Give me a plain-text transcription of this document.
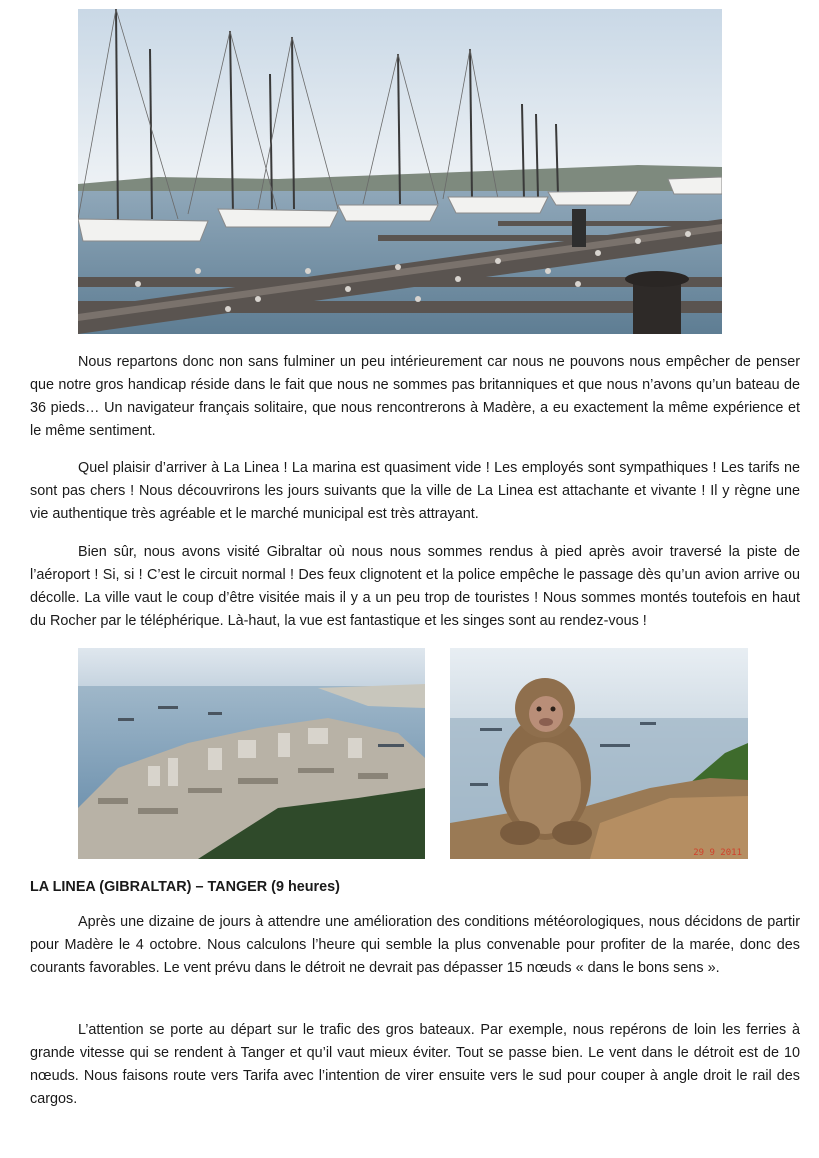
Nous repartons donc non sans fulminer un peu intérieurement car nous ne pouvons nous empêcher de penser que notre gros handicap réside dans le fait que nous ne sommes pas britanniques et que nous n’avons qu’un bateau de 36 pieds… Un navigateur français solitaire, que nous rencontrerons à Madère, a eu exactement la même expérience et le même sentiment.

Quel plaisir d’arriver à La Linea ! La marina est quasiment vide ! Les employés sont sympathiques ! Les tarifs ne sont pas chers ! Nous découvrirons les jours suivants que la ville de La Linea est attachante et vivante ! Il y règne une vie authentique très agréable et le marché municipal est très attrayant.

Bien sûr, nous avons visité Gibraltar où nous nous sommes rendus à pied après avoir traversé la piste de l’aéroport ! Si, si ! C’est le circuit normal ! Des feux clignotent et la police empêche le passage dès qu’un avion arrive ou décolle. La ville vaut le coup d’être visitée mais il y a un peu trop de touristes ! Nous sommes montés toutefois en haut du Rocher par le téléphérique. Là-haut, la vue est fantastique et les singes sont au rendez-vous !

29 9 2011

LA LINEA (GIBRALTAR) – TANGER (9 heures)

Après une dizaine de jours à attendre une amélioration des conditions météorologiques, nous décidons de partir pour Madère le 4 octobre. Nous calculons l’heure qui semble la plus convenable pour profiter de la marée, donc des courants favorables. Le vent prévu dans le détroit ne devrait pas dépasser 15 nœuds « dans le bons sens ».

L’attention se porte au départ sur le trafic des gros bateaux. Par exemple, nous repérons de loin les ferries à grande vitesse qui se rendent à Tanger et qu’il vaut mieux éviter. Tout se passe bien. Le vent dans le détroit est de 10 nœuds. Nous faisons route vers Tarifa avec l’intention de virer ensuite vers le sud pour couper à angle droit le rail des cargos.
